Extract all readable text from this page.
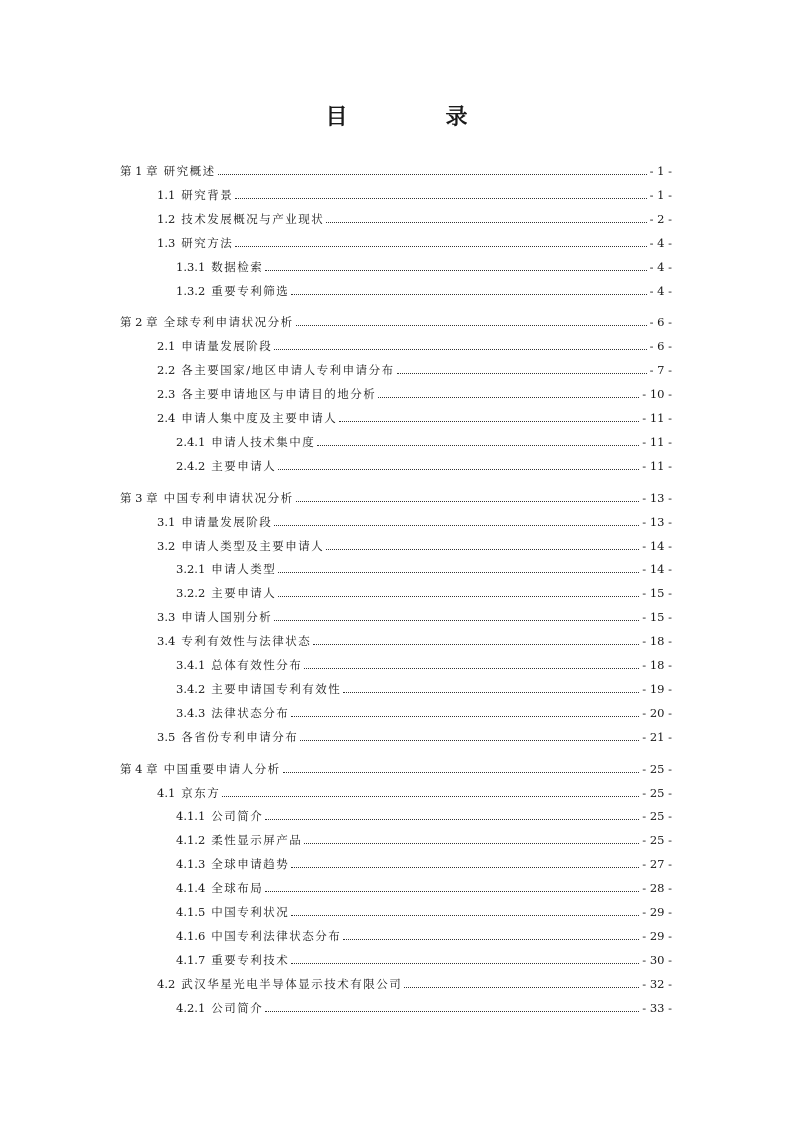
目　录
第 1 章 研究概述	- 1 -
1.1 研究背景	- 1 -
1.2 技术发展概况与产业现状	- 2 -
1.3 研究方法	- 4 -
1.3.1 数据检索	- 4 -
1.3.2 重要专利筛选	- 4 -
第 2 章 全球专利申请状况分析	- 6 -
2.1 申请量发展阶段	- 6 -
2.2 各主要国家/地区申请人专利申请分布	- 7 -
2.3 各主要申请地区与申请目的地分析	- 10 -
2.4 申请人集中度及主要申请人	- 11 -
2.4.1 申请人技术集中度	- 11 -
2.4.2 主要申请人	- 11 -
第 3 章 中国专利申请状况分析	- 13 -
3.1 申请量发展阶段	- 13 -
3.2 申请人类型及主要申请人	- 14 -
3.2.1 申请人类型	- 14 -
3.2.2 主要申请人	- 15 -
3.3 申请人国别分析	- 15 -
3.4 专利有效性与法律状态	- 18 -
3.4.1 总体有效性分布	- 18 -
3.4.2 主要申请国专利有效性	- 19 -
3.4.3 法律状态分布	- 20 -
3.5 各省份专利申请分布	- 21 -
第 4 章 中国重要申请人分析	- 25 -
4.1 京东方	- 25 -
4.1.1 公司简介	- 25 -
4.1.2 柔性显示屏产品	- 25 -
4.1.3 全球申请趋势	- 27 -
4.1.4 全球布局	- 28 -
4.1.5 中国专利状况	- 29 -
4.1.6 中国专利法律状态分布	- 29 -
4.1.7 重要专利技术	- 30 -
4.2 武汉华星光电半导体显示技术有限公司	- 32 -
4.2.1 公司简介	- 33 -
